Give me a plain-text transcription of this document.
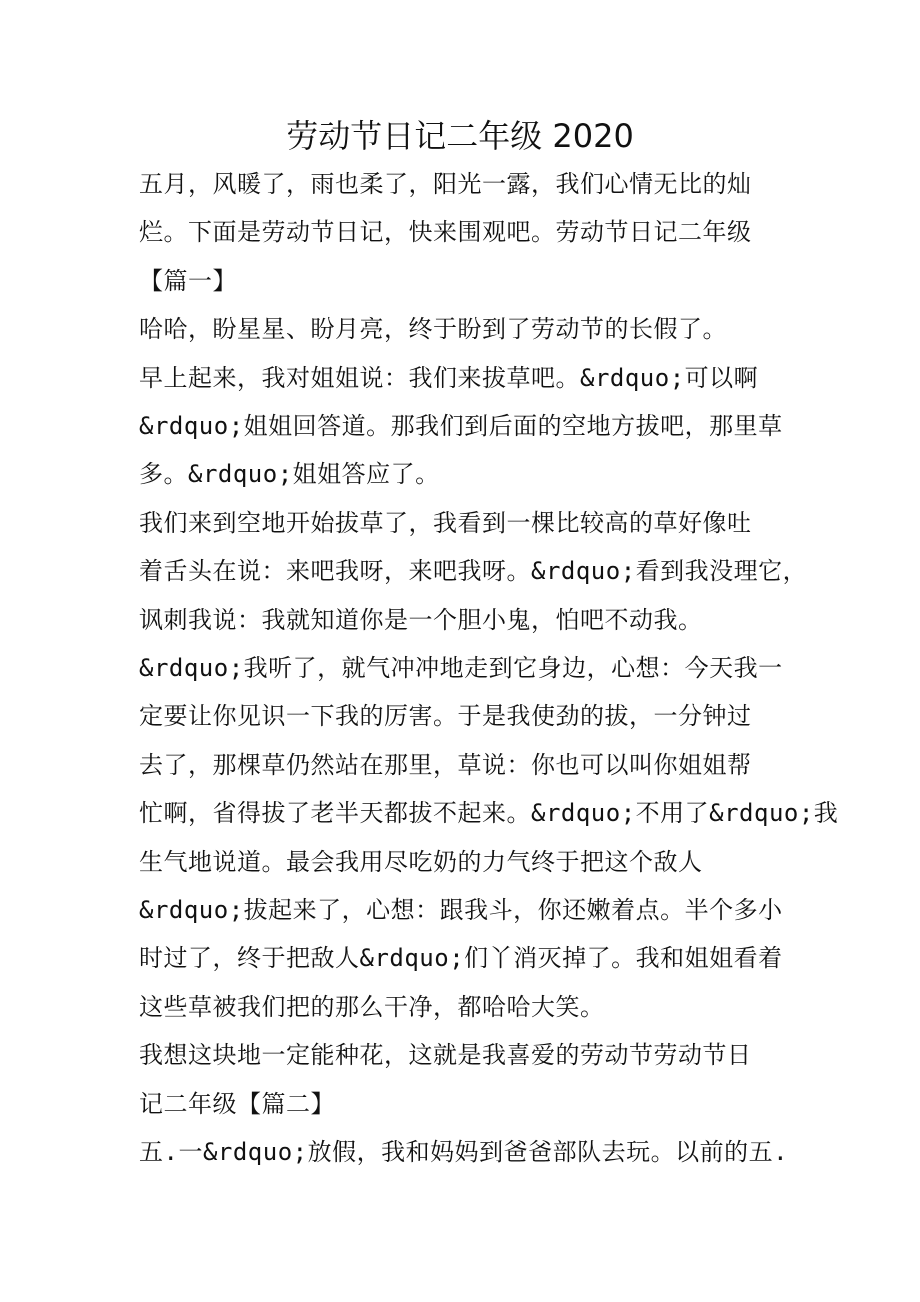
劳动节日记二年级 2020
五月，风暖了，雨也柔了，阳光一露，我们心情无比的灿
烂。下面是劳动节日记，快来围观吧。劳动节日记二年级
【篇一】
哈哈，盼星星、盼月亮，终于盼到了劳动节的长假了。
早上起来，我对姐姐说：我们来拔草吧。&rdquo;可以啊
&rdquo;姐姐回答道。那我们到后面的空地方拔吧，那里草
多。&rdquo;姐姐答应了。
我们来到空地开始拔草了，我看到一棵比较高的草好像吐
着舌头在说：来吧我呀，来吧我呀。&rdquo;看到我没理它，
讽刺我说：我就知道你是一个胆小鬼，怕吧不动我。
&rdquo;我听了，就气冲冲地走到它身边，心想：今天我一
定要让你见识一下我的厉害。于是我使劲的拔，一分钟过
去了，那棵草仍然站在那里，草说：你也可以叫你姐姐帮
忙啊，省得拔了老半天都拔不起来。&rdquo;不用了&rdquo;我
生气地说道。最会我用尽吃奶的力气终于把这个敌人
&rdquo;拔起来了，心想：跟我斗，你还嫩着点。半个多小
时过了，终于把敌人&rdquo;们丫消灭掉了。我和姐姐看着
这些草被我们把的那么干净，都哈哈大笑。
我想这块地一定能种花，这就是我喜爱的劳动节劳动节日
记二年级【篇二】
五.一&rdquo;放假，我和妈妈到爸爸部队去玩。以前的五.
